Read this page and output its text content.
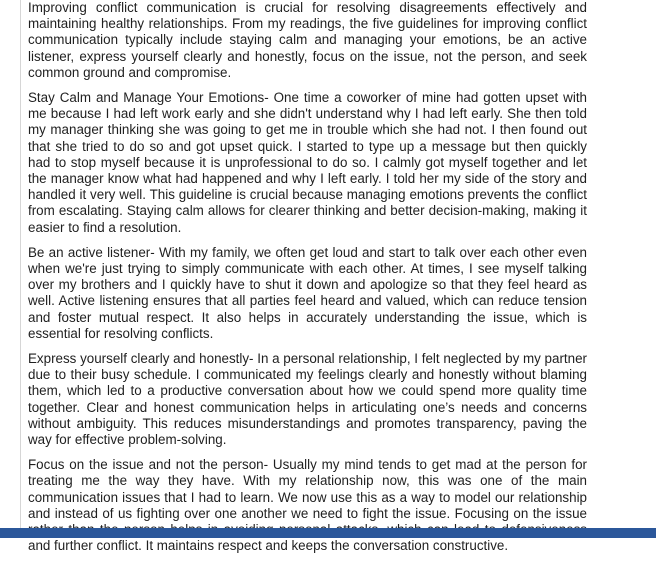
Improving conflict communication is crucial for resolving disagreements effectively and maintaining healthy relationships. From my readings, the five guidelines for improving conflict communication typically include staying calm and managing your emotions, be an active listener, express yourself clearly and honestly, focus on the issue, not the person, and seek common ground and compromise.

Stay Calm and Manage Your Emotions- One time a coworker of mine had gotten upset with me because I had left work early and she didn't understand why I had left early. She then told my manager thinking she was going to get me in trouble which she had not. I then found out that she tried to do so and got upset quick. I started to type up a message but then quickly had to stop myself because it is unprofessional to do so. I calmly got myself together and let the manager know what had happened and why I left early. I told her my side of the story and handled it very well. This guideline is crucial because managing emotions prevents the conflict from escalating. Staying calm allows for clearer thinking and better decision-making, making it easier to find a resolution.

Be an active listener- With my family, we often get loud and start to talk over each other even when we're just trying to simply communicate with each other. At times, I see myself talking over my brothers and I quickly have to shut it down and apologize so that they feel heard as well. Active listening ensures that all parties feel heard and valued, which can reduce tension and foster mutual respect. It also helps in accurately understanding the issue, which is essential for resolving conflicts.

Express yourself clearly and honestly- In a personal relationship, I felt neglected by my partner due to their busy schedule. I communicated my feelings clearly and honestly without blaming them, which led to a productive conversation about how we could spend more quality time together. Clear and honest communication helps in articulating one’s needs and concerns without ambiguity. This reduces misunderstandings and promotes transparency, paving the way for effective problem-solving.

Focus on the issue and not the person- Usually my mind tends to get mad at the person for treating me the way they have. With my relationship now, this was one of the main communication issues that I had to learn. We now use this as a way to model our relationship and instead of us fighting over one another we need to fight the issue. Focusing on the issue and further conflict. It maintains respect and keeps the conversation constructive.
